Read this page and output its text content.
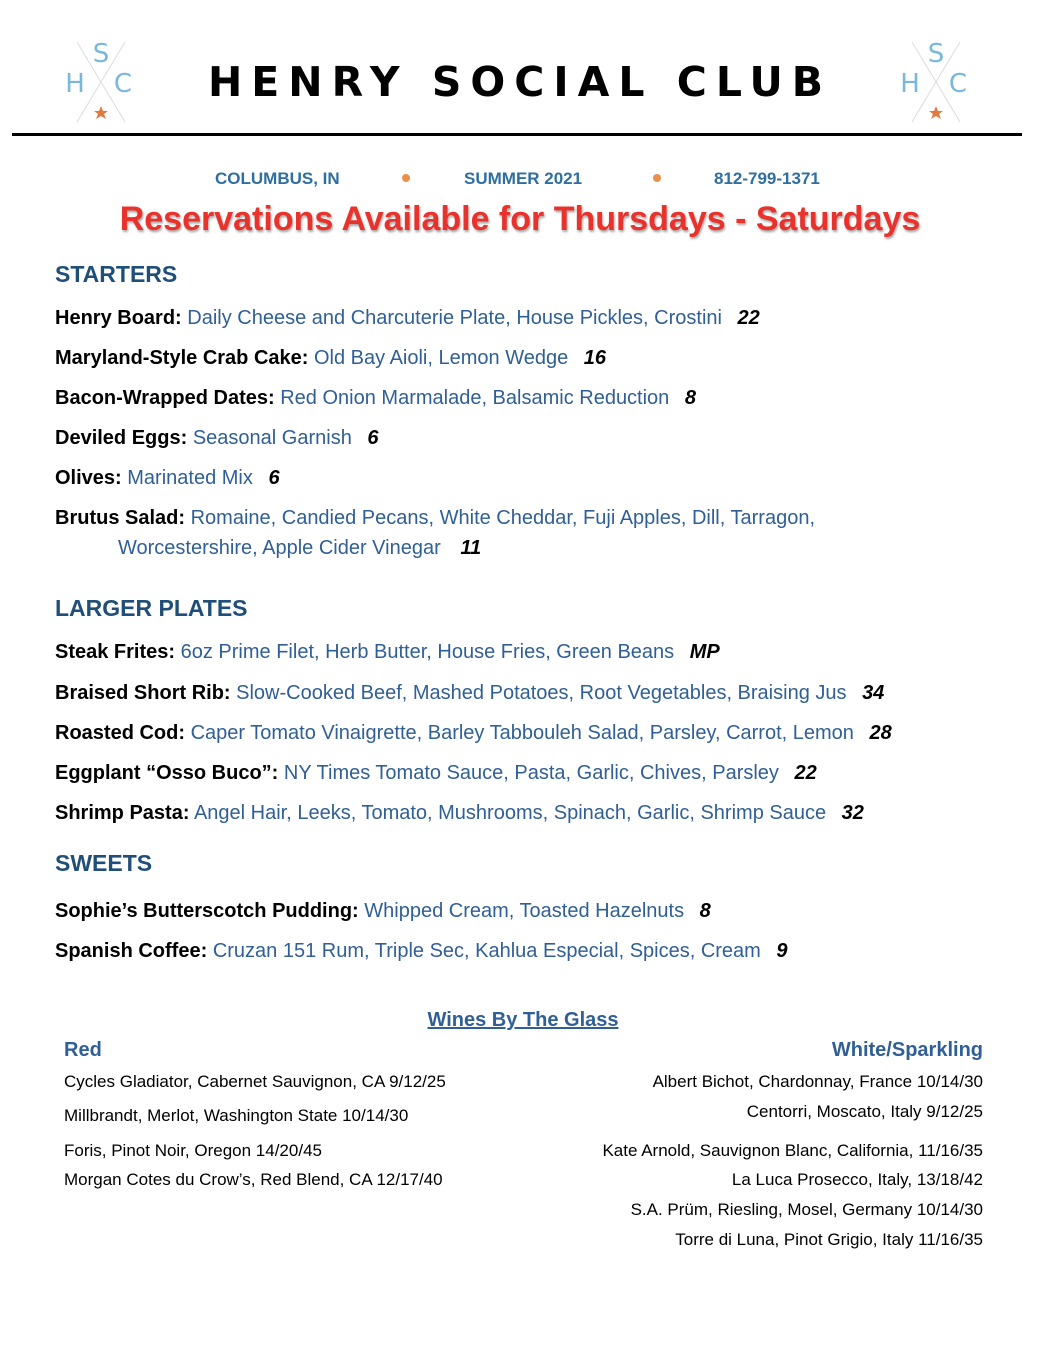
S
H C
S
H C
HENRY SOCIAL CLUB
COLUMBUS, IN	SUMMER 2021	812-799-1371
Reservations Available for Thursdays - Saturdays
STARTERS
Henry Board: Daily Cheese and Charcuterie Plate, House Pickles, Crostini 22
Maryland-Style Crab Cake: Old Bay Aioli, Lemon Wedge 16
Bacon-Wrapped Dates: Red Onion Marmalade, Balsamic Reduction 8
Deviled Eggs: Seasonal Garnish 6
Olives: Marinated Mix 6
Brutus Salad: Romaine, Candied Pecans, White Cheddar, Fuji Apples, Dill, Tarragon,
Worcestershire, Apple Cider Vinegar 11
LARGER PLATES
Steak Frites: 6oz Prime Filet, Herb Butter, House Fries, Green Beans MP
Braised Short Rib: Slow-Cooked Beef, Mashed Potatoes, Root Vegetables, Braising Jus 34
Roasted Cod: Caper Tomato Vinaigrette, Barley Tabbouleh Salad, Parsley, Carrot, Lemon 28
Eggplant “Osso Buco”: NY Times Tomato Sauce, Pasta, Garlic, Chives, Parsley 22
Shrimp Pasta: Angel Hair, Leeks, Tomato, Mushrooms, Spinach, Garlic, Shrimp Sauce 32
SWEETS
Sophie’s Butterscotch Pudding: Whipped Cream, Toasted Hazelnuts 8
Spanish Coffee: Cruzan 151 Rum, Triple Sec, Kahlua Especial, Spices, Cream 9
Wines By The Glass
Red	White/Sparkling
Cycles Gladiator, Cabernet Sauvignon, CA 9/12/25
Millbrandt, Merlot, Washington State 10/14/30
Foris, Pinot Noir, Oregon 14/20/45
Morgan Cotes du Crow’s, Red Blend, CA 12/17/40
Albert Bichot, Chardonnay, France 10/14/30
Centorri, Moscato, Italy 9/12/25
Kate Arnold, Sauvignon Blanc, California, 11/16/35
La Luca Prosecco, Italy, 13/18/42
S.A. Prüm, Riesling, Mosel, Germany 10/14/30
Torre di Luna, Pinot Grigio, Italy 11/16/35
